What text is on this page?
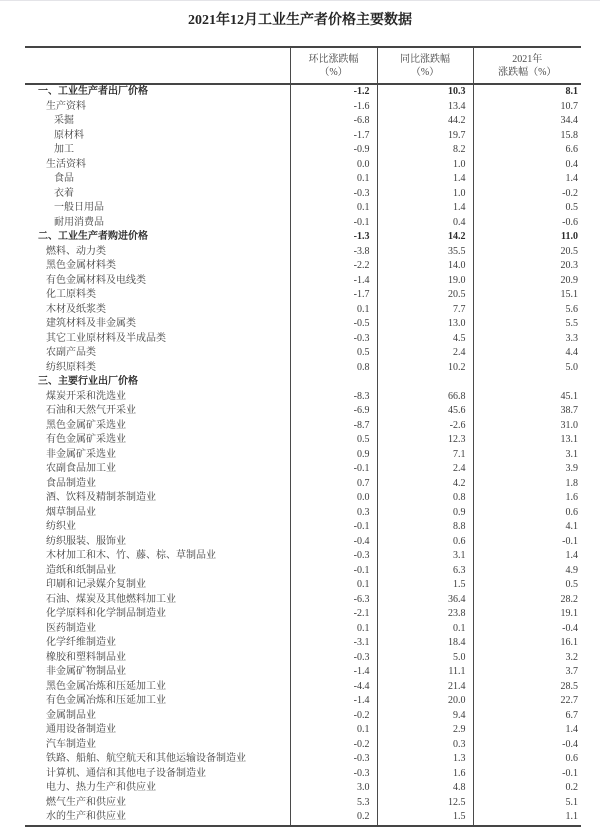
2021年12月工业生产者价格主要数据

环比涨跌幅
（%）

同比涨跌幅
（%）

2021年
涨跌幅（%）

一、工业生产者出厂价格	-1.2	10.3	8.1
生产资料	-1.6	13.4	10.7
采掘	-6.8	44.2	34.4
原材料	-1.7	19.7	15.8
加工	-0.9	8.2	6.6
生活资料	0.0	1.0	0.4
食品	0.1	1.4	1.4
衣着	-0.3	1.0	-0.2
一般日用品	0.1	1.4	0.5
耐用消费品	-0.1	0.4	-0.6
二、工业生产者购进价格	-1.3	14.2	11.0
燃料、动力类	-3.8	35.5	20.5
黑色金属材料类	-2.2	14.0	20.3
有色金属材料及电线类	-1.4	19.0	20.9
化工原料类	-1.7	20.5	15.1
木材及纸浆类	0.1	7.7	5.6
建筑材料及非金属类	-0.5	13.0	5.5
其它工业原材料及半成品类	-0.3	4.5	3.3
农副产品类	0.5	2.4	4.4
纺织原料类	0.8	10.2	5.0
三、主要行业出厂价格			
煤炭开采和洗选业	-8.3	66.8	45.1
石油和天然气开采业	-6.9	45.6	38.7
黑色金属矿采选业	-8.7	-2.6	31.0
有色金属矿采选业	0.5	12.3	13.1
非金属矿采选业	0.9	7.1	3.1
农副食品加工业	-0.1	2.4	3.9
食品制造业	0.7	4.2	1.8
酒、饮料及精制茶制造业	0.0	0.8	1.6
烟草制品业	0.3	0.9	0.6
纺织业	-0.1	8.8	4.1
纺织服装、服饰业	-0.4	0.6	-0.1
木材加工和木、竹、藤、棕、草制品业	-0.3	3.1	1.4
造纸和纸制品业	-0.1	6.3	4.9
印刷和记录媒介复制业	0.1	1.5	0.5
石油、煤炭及其他燃料加工业	-6.3	36.4	28.2
化学原料和化学制品制造业	-2.1	23.8	19.1
医药制造业	0.1	0.1	-0.4
化学纤维制造业	-3.1	18.4	16.1
橡胶和塑料制品业	-0.3	5.0	3.2
非金属矿物制品业	-1.4	11.1	3.7
黑色金属冶炼和压延加工业	-4.4	21.4	28.5
有色金属冶炼和压延加工业	-1.4	20.0	22.7
金属制品业	-0.2	9.4	6.7
通用设备制造业	0.1	2.9	1.4
汽车制造业	-0.2	0.3	-0.4
铁路、船舶、航空航天和其他运输设备制造业	-0.3	1.3	0.6
计算机、通信和其他电子设备制造业	-0.3	1.6	-0.1
电力、热力生产和供应业	3.0	4.8	0.2
燃气生产和供应业	5.3	12.5	5.1
水的生产和供应业	0.2	1.5	1.1
